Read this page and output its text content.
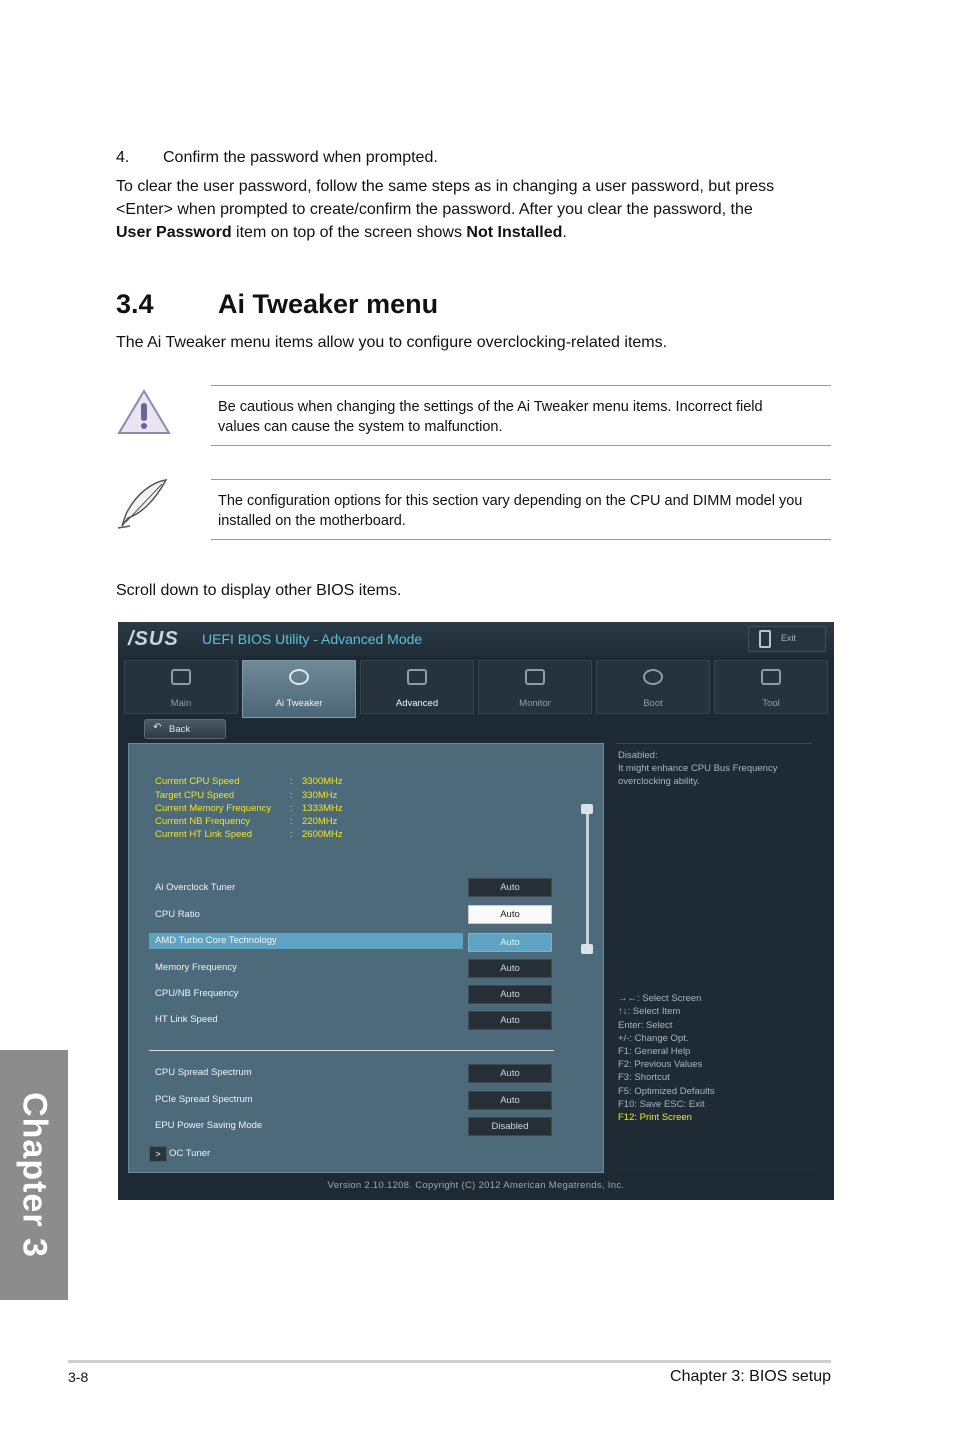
4. Confirm the password when prompted.
To clear the user password, follow the same steps as in changing a user password, but press
<Enter> when prompted to create/confirm the password. After you clear the password, the
User Password item on top of the screen shows Not Installed.
3.4 Ai Tweaker menu
The Ai Tweaker menu items allow you to configure overclocking-related items.
Be cautious when changing the settings of the Ai Tweaker menu items. Incorrect field
values can cause the system to malfunction.
The configuration options for this section vary depending on the CPU and DIMM model you
installed on the motherboard.
Scroll down to display other BIOS items.
/SUS UEFI BIOS Utility - Advanced Mode	Exit
Main	Ai Tweaker	Advanced	Monitor	Boot	Tool
↶ Back
Current CPU Speed	: 3300MHz
Target CPU Speed	: 330MHz
Current Memory Frequency : 1333MHz
Current NB Frequency	: 220MHz
Current HT Link Speed	: 2600MHz
Ai Overclock Tuner	Auto
CPU Ratio	Auto
AMD Turbo Core Technology	Auto
Memory Frequency	Auto
CPU/NB Frequency	Auto
HT Link Speed	Auto
CPU Spread Spectrum	Auto
PCIe Spread Spectrum	Auto
EPU Power Saving Mode	Disabled
> OC Tuner
Disabled:
It might enhance CPU Bus Frequency
overclocking ability.
→←: Select Screen
↑↓: Select Item
Enter: Select
+/-: Change Opt.
F1: General Help
F2: Previous Values
F3: Shortcut
F5: Optimized Defaults
F10: Save ESC: Exit
F12: Print Screen
Version 2.10.1208. Copyright (C) 2012 American Megatrends, Inc.
Chapter 3
3-8	Chapter 3: BIOS setup
